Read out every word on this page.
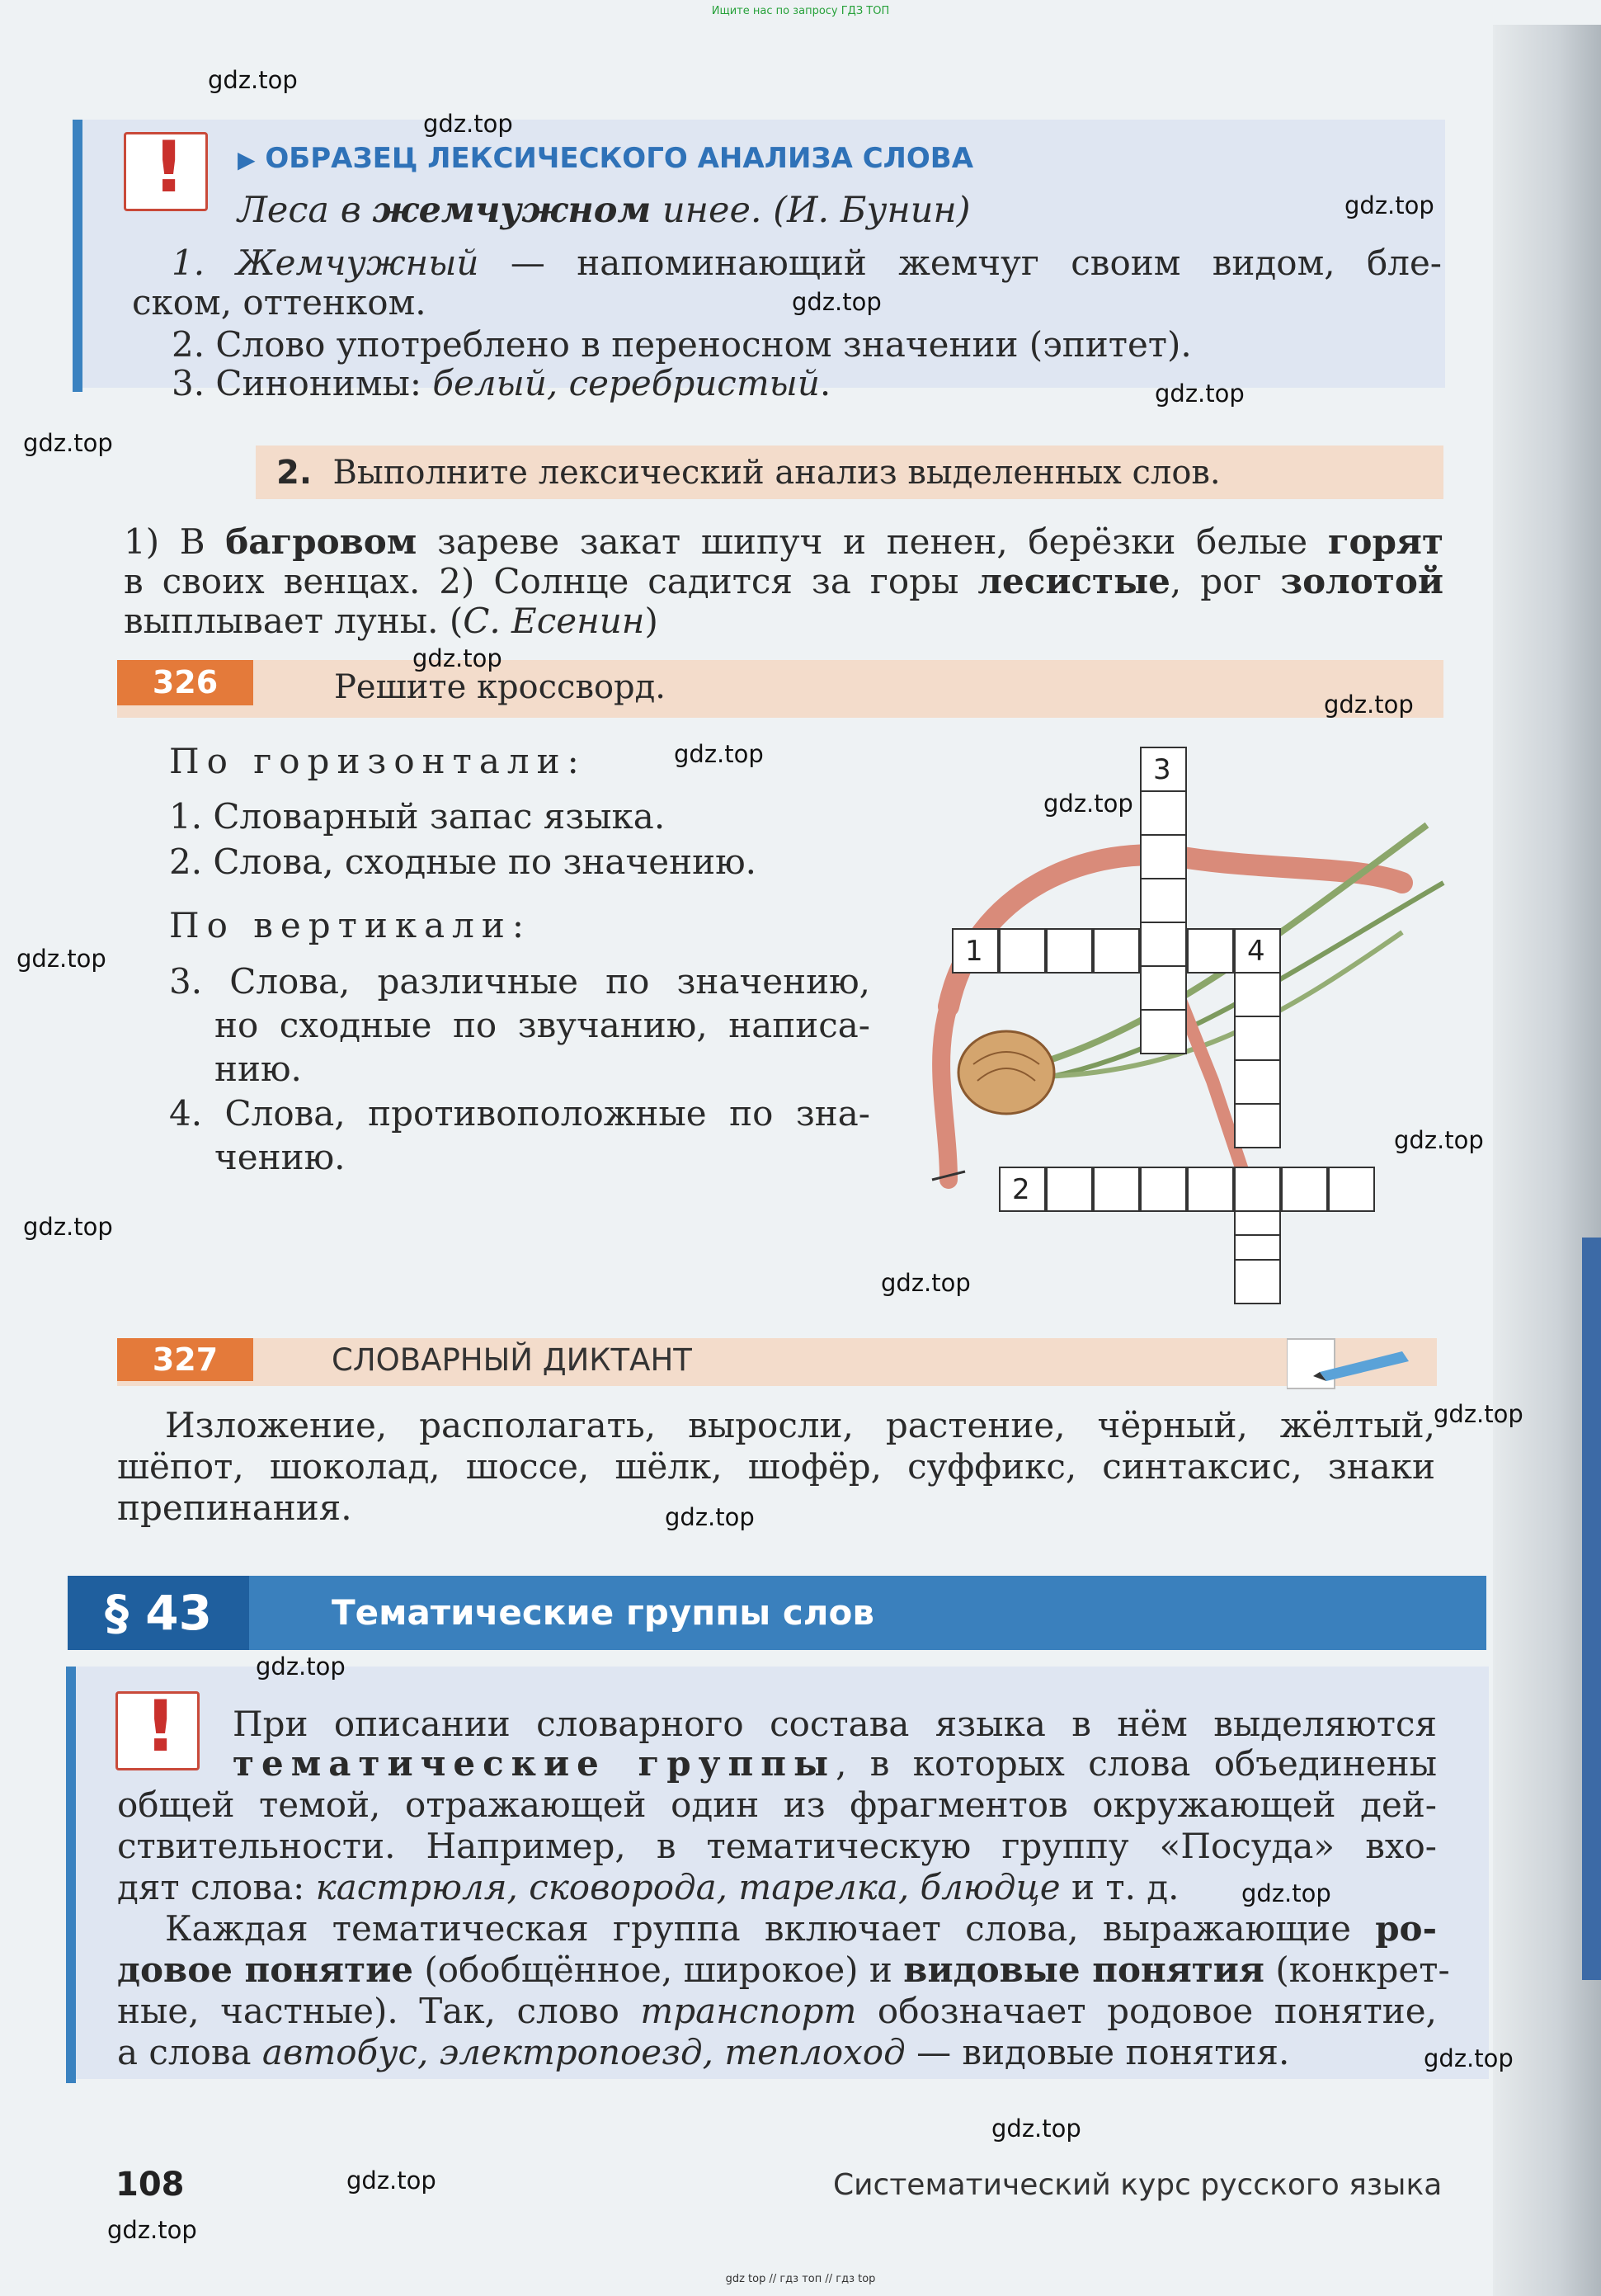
Ищите нас по запросу ГДЗ ТОП
! ▶ ОБРАЗЕЦ ЛЕКСИЧЕСКОГО АНАЛИЗА СЛОВА
Леса в жемчужном инее. (И. Бунин)
1. Жемчужный — напоминающий жемчуг своим видом, бле-
ском, оттенком.
2. Слово употреблено в переносном значении (эпитет).
3. Синонимы: белый, серебристый.
2. Выполните лексический анализ выделенных слов.
1) В багровом зареве закат шипуч и пенен, берёзки белые горят
в своих венцах. 2) Солнце садится за горы лесистые, рог золотой
выплывает луны. (С. Есенин)
326	Решите кроссворд.
По горизонтали:
1. Словарный запас языка.
2. Слова, сходные по значению.
По вертикали:
3. Слова, различные по значению,
но сходные по звучанию, написа-
нию.
4. Слова, противоположные по зна-
чению.
3
1	4
2
327	СЛОВАРНЫЙ ДИКТАНТ
Изложение, располагать, выросли, растение, чёрный, жёлтый,
шёпот, шоколад, шоссе, шёлк, шофёр, суффикс, синтаксис, знаки
препинания.
§ 43	Тематические группы слов
! При описании словарного состава языка в нём выделяются
тематические группы, в которых слова объединены
общей темой, отражающей один из фрагментов окружающей дей-
ствительности. Например, в тематическую группу «Посуда» вхо-
дят слова: кастрюля, сковорода, тарелка, блюдце и т. д.
Каждая тематическая группа включает слова, выражающие ро-
довое понятие (обобщённое, широкое) и видовые понятия (конкрет-
ные, частные). Так, слово транспорт обозначает родовое понятие,
а слова автобус, электропоезд, теплоход — видовые понятия.
108	Систематический курс русского языка
gdz top // гдз топ // гдз top
gdz.top
gdz.top
gdz.top
gdz.top
gdz.top
gdz.top
gdz.top
gdz.top
gdz.top
gdz.top
gdz.top
gdz.top
gdz.top
gdz.top
gdz.top
gdz.top
gdz.top
gdz.top
gdz.top
gdz.top
gdz.top
gdz.top
